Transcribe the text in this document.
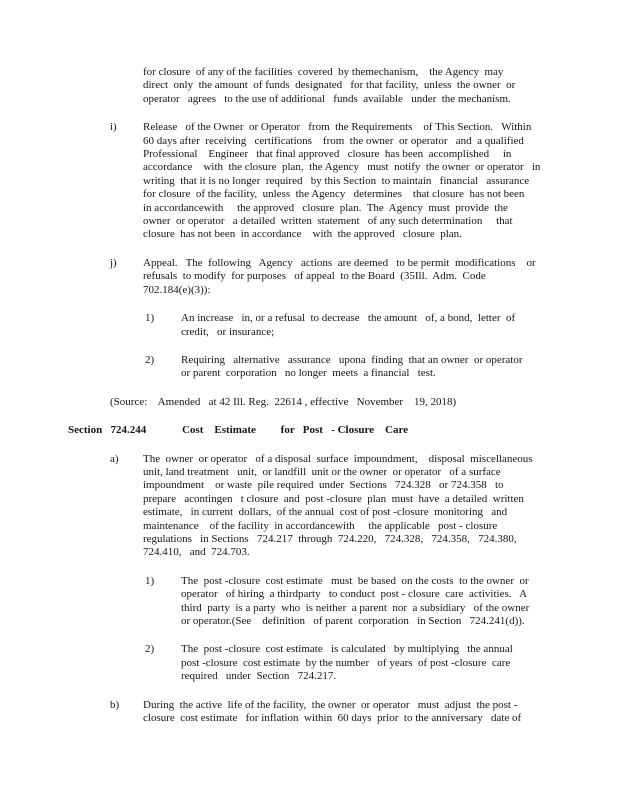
for closure  of any of the facilities  covered  by themechanism,    the Agency  may
direct  only  the amount  of funds  designated   for that facility,  unless  the owner  or
operator   agrees   to the use of additional   funds  available   under  the mechanism.
i) Release   of the Owner  or Operator   from  the Requirements    of This Section.   Within
60 days after  receiving   certifications    from  the owner  or operator   and  a qualified
Professional    Engineer   that final approved   closure  has been  accomplished     in
accordance    with  the closure  plan,  the Agency   must  notify  the owner  or operator   in
writing  that it is no longer  required   by this Section  to maintain   financial   assurance
for closure  of the facility,  unless  the Agency   determines    that closure  has not been
in accordancewith     the approved   closure  plan.  The  Agency  must  provide  the
owner  or operator   a detailed  written  statement   of any such determination     that
closure  has not been  in accordance    with  the approved   closure  plan.
j) Appeal.   The  following   Agency   actions  are deemed   to be permit  modifications    or
refusals  to modify  for purposes   of appeal  to the Board  (35Ill.  Adm.  Code
702.184(e)(3)):
1) An increase   in, or a refusal  to decrease   the amount   of, a bond,  letter  of
credit,   or insurance;
2) Requiring   alternative   assurance   upona  finding  that an owner  or operator
or parent  corporation   no longer  meets  a financial   test.
(Source:    Amended   at 42 Ill. Reg.  22614 , effective   November    19, 2018)
Section   724.244             Cost    Estimate         for   Post   - Closure    Care
a) The  owner  or operator   of a disposal  surface  impoundment,    disposal  miscellaneous
unit, land treatment   unit,  or landfill  unit or the owner  or operator   of a surface
impoundment    or waste  pile required  under  Sections   724.328   or 724.358   to
prepare   acontingen   t closure  and  post -closure  plan  must  have  a detailed  written
estimate,   in current  dollars,  of the annual  cost of post -closure  monitoring   and
maintenance    of the facility  in accordancewith     the applicable   post - closure
regulations   in Sections   724.217  through  724.220,   724.328,   724.358,   724.380,
724.410,   and  724.703.
1) The  post -closure  cost estimate   must  be based  on the costs  to the owner  or
operator   of hiring  a thirdparty   to conduct  post - closure  care  activities.   A
third  party  is a party  who  is neither  a parent  nor  a subsidiary   of the owner
or operator.(See    definition   of parent  corporation   in Section   724.241(d)).
2) The  post -closure  cost estimate   is calculated   by multiplying   the annual
post -closure  cost estimate  by the number   of years  of post -closure  care
required   under  Section   724.217.
b) During  the active  life of the facility,  the owner  or operator   must  adjust  the post -
closure  cost estimate   for inflation  within  60 days  prior  to the anniversary   date of
